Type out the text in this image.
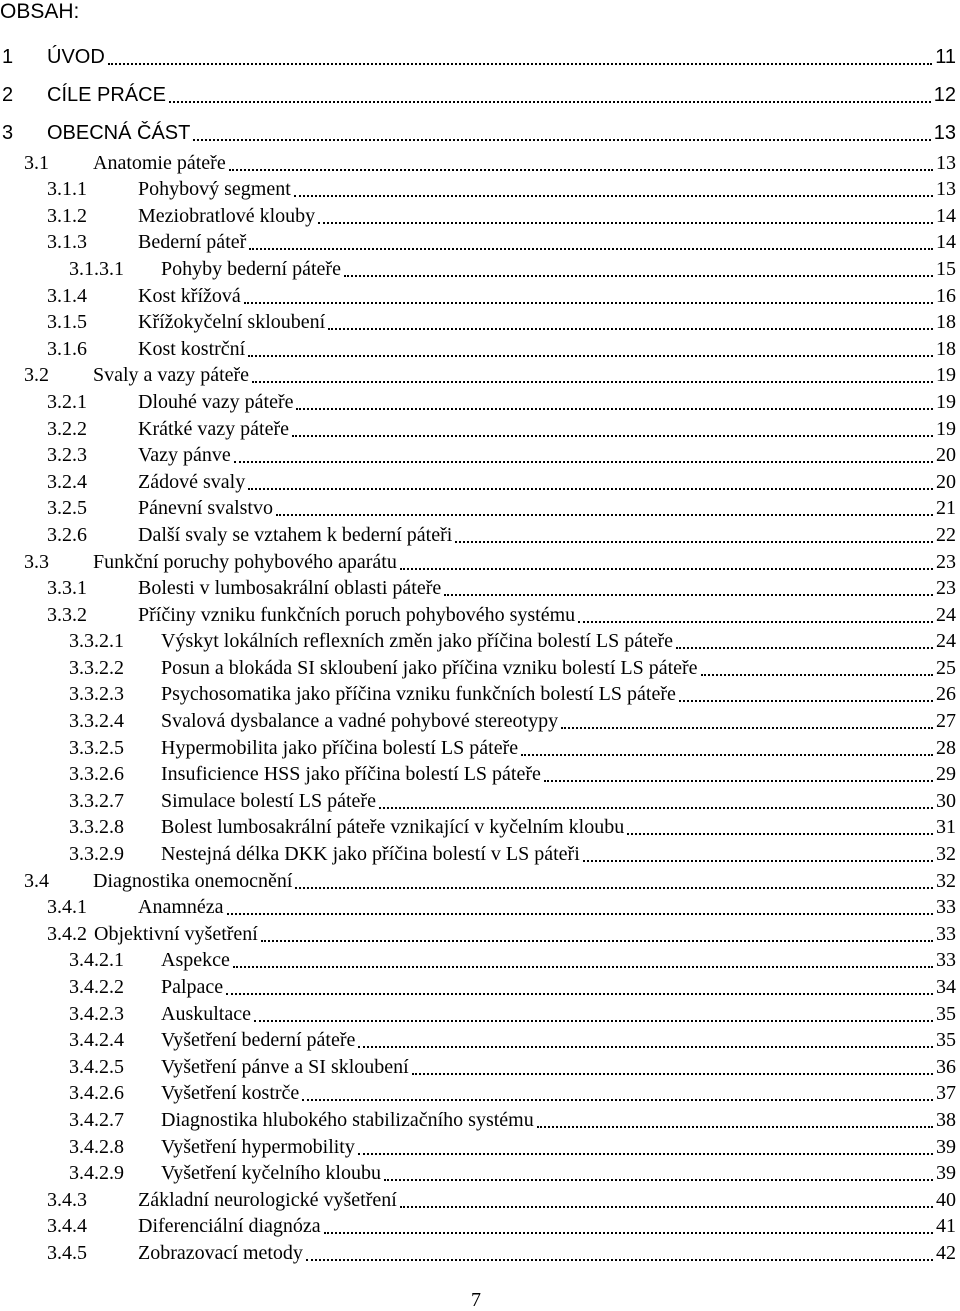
OBSAH:
1 ÚVOD	11
2 CÍLE PRÁCE	12
3 OBECNÁ ČÁST	13
3.1 Anatomie páteře	13
3.1.1	Pohybový segment	13
3.1.2	Meziobratlové klouby	14
3.1.3	Bederní páteř	14
3.1.3.1 Pohyby bederní páteře	15
3.1.4	Kost křížová	16
3.1.5	Křížokyčelní skloubení	18
3.1.6	Kost kostrční	18
3.2 Svaly a vazy páteře	19
3.2.1	Dlouhé vazy páteře	19
3.2.2	Krátké vazy páteře	19
3.2.3	Vazy pánve	20
3.2.4	Zádové svaly	20
3.2.5	Pánevní svalstvo	21
3.2.6	Další svaly se vztahem k bederní páteři	22
3.3 Funkční poruchy pohybového aparátu	23
3.3.1	Bolesti v lumbosakrální oblasti páteře	23
3.3.2	Příčiny vzniku funkčních poruch pohybového systému	24
3.3.2.1 Výskyt lokálních reflexních změn jako příčina bolestí LS páteře	24
3.3.2.2 Posun a blokáda SI skloubení jako příčina vzniku bolestí LS páteře	25
3.3.2.3 Psychosomatika jako příčina vzniku funkčních bolestí LS páteře	26
3.3.2.4 Svalová dysbalance a vadné pohybové stereotypy	27
3.3.2.5 Hypermobilita jako příčina bolestí LS páteře	28
3.3.2.6 Insuficience HSS jako příčina bolestí LS páteře	29
3.3.2.7 Simulace bolestí LS páteře	30
3.3.2.8 Bolest lumbosakrální páteře vznikající v kyčelním kloubu	31
3.3.2.9 Nestejná délka DKK jako příčina bolestí v LS páteři	32
3.4 Diagnostika onemocnění	32
3.4.1	Anamnéza	33
3.4.2 Objektivní vyšetření	33
3.4.2.1 Aspekce	33
3.4.2.2 Palpace	34
3.4.2.3 Auskultace	35
3.4.2.4 Vyšetření bederní páteře	35
3.4.2.5 Vyšetření pánve a SI skloubení	36
3.4.2.6 Vyšetření kostrče	37
3.4.2.7 Diagnostika hlubokého stabilizačního systému	38
3.4.2.8 Vyšetření hypermobility	39
3.4.2.9 Vyšetření kyčelního kloubu	39
3.4.3	Základní neurologické vyšetření	40
3.4.4	Diferenciální diagnóza	41
3.4.5	Zobrazovací metody	42
7
